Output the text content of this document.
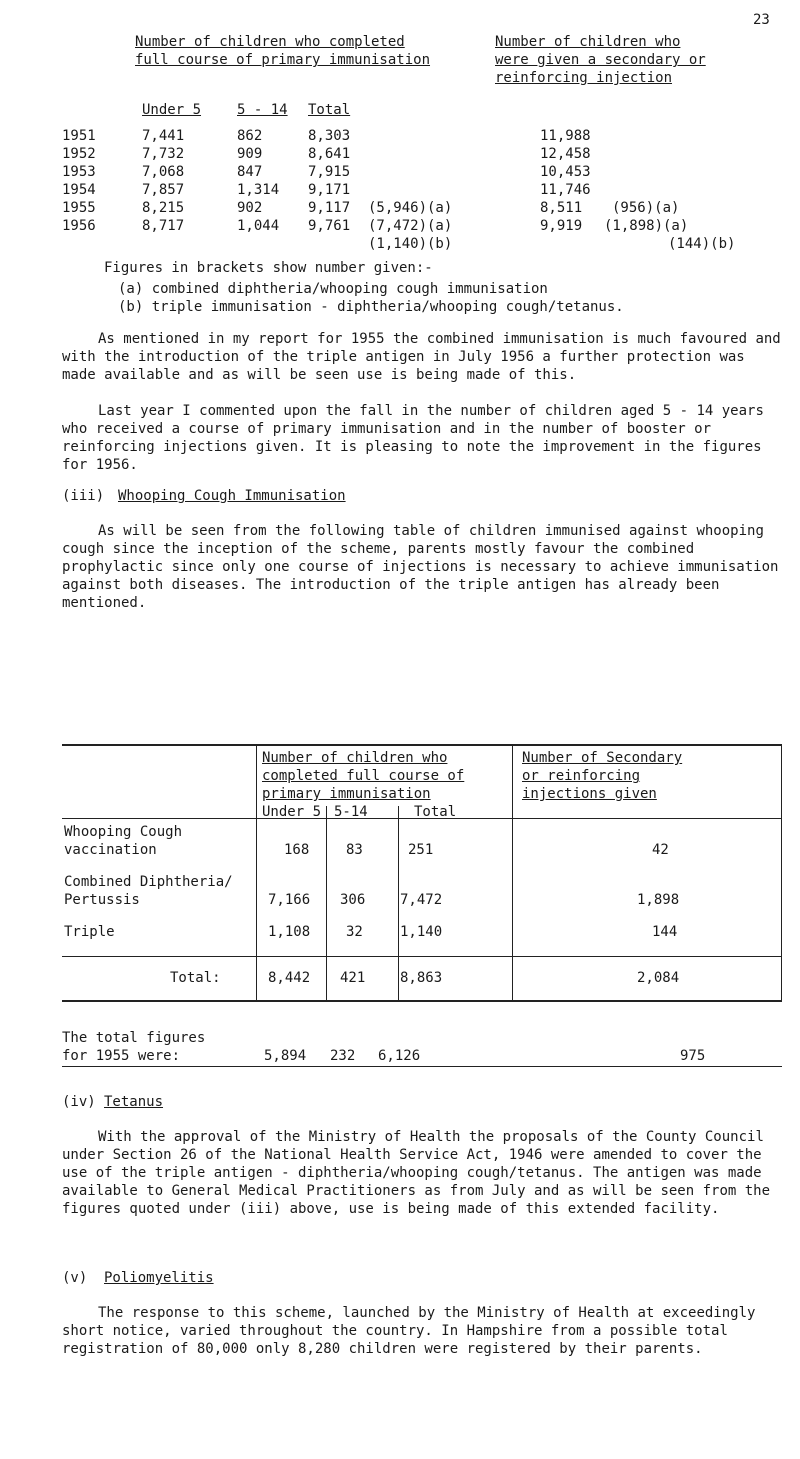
23
Number of children who completed
full course of primary immunisation
Number of children who
were given a secondary or
reinforcing injection
Under 5	5 - 14 Total
1951	7,441	862	8,303	11,988
1952	7,732	909	8,641	12,458
1953	7,068	847	7,915	10,453
1954	7,857	1,314 9,171	11,746
1955	8,215	902	9,117 (5,946)(a)	8,511 (956)(a)
1956	8,717	1,044 9,761 (7,472)(a)	9,919 (1,898)(a)
(1,140)(b)	(144)(b)
Figures in brackets show number given:-
(a) combined diphtheria/whooping cough immunisation
(b) triple immunisation - diphtheria/whooping cough/tetanus.
As mentioned in my report for 1955 the combined immunisation is much favoured and with the introduction of the triple antigen in July 1956 a further protection was made available and as will be seen use is being made of this.
Last year I commented upon the fall in the number of children aged 5 - 14 years who received a course of primary immunisation and in the number of booster or reinforcing injections given. It is pleasing to note the improvement in the figures for 1956.
(iii) Whooping Cough Immunisation
As will be seen from the following table of children immunised against whooping cough since the inception of the scheme, parents mostly favour the combined prophylactic since only one course of injections is necessary to achieve immunisation against both diseases. The introduction of the triple antigen has already been mentioned.
Number of children who
completed full course of
primary immunisation
Number of Secondary
or reinforcing
injections given
Under 5 5-14	Total
Whooping Cough
vaccination	168	83	251	42
Combined Diphtheria/
Pertussis	7,166 306 7,472	1,898
Triple	1,108	32	1,140	144
Total:	8,442 421 8,863	2,084
The total figures
for 1955 were:	5,894 232 6,126	975
(iv) Tetanus
With the approval of the Ministry of Health the proposals of the County Council under Section 26 of the National Health Service Act, 1946 were amended to cover the use of the triple antigen - diphtheria/whooping cough/tetanus. The antigen was made available to General Medical Practitioners as from July and as will be seen from the figures quoted under (iii) above, use is being made of this extended facility.
(v) Poliomyelitis
The response to this scheme, launched by the Ministry of Health at exceedingly short notice, varied throughout the country. In Hampshire from a possible total registration of 80,000 only 8,280 children were registered by their parents.
